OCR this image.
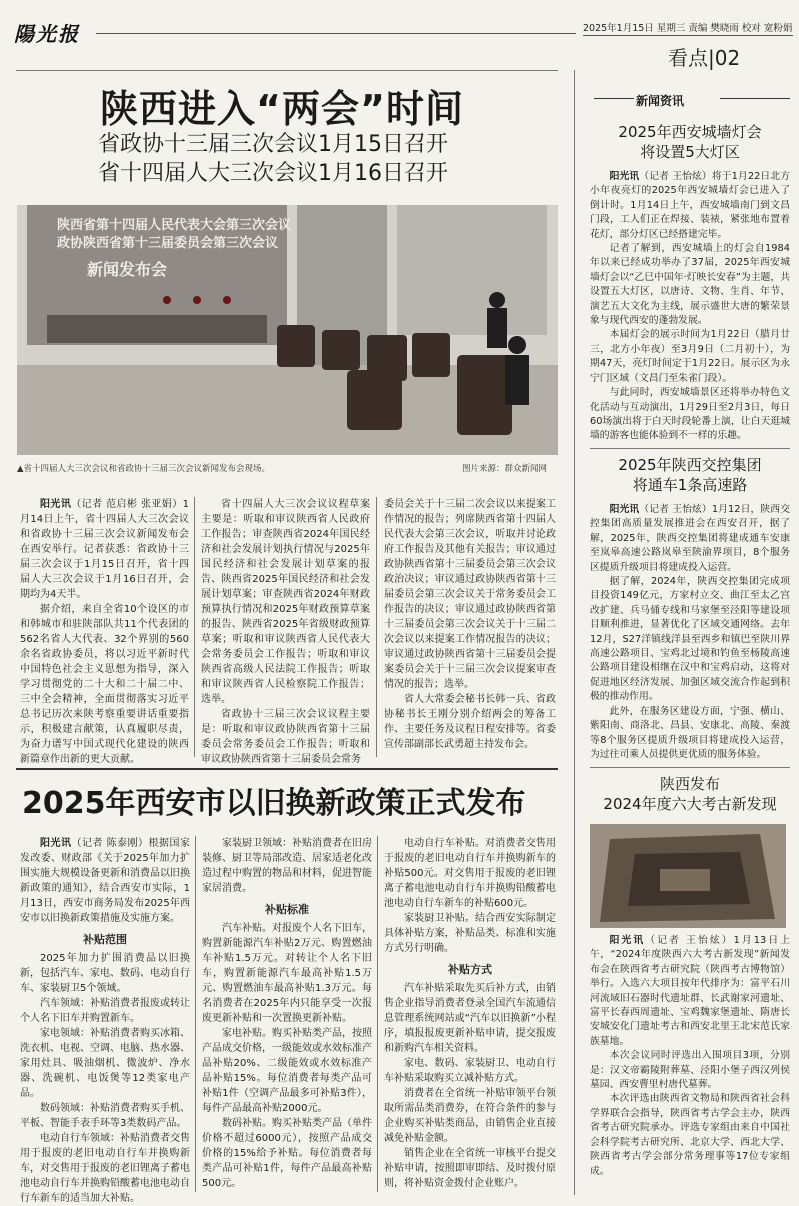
陽光报	2025年1月15日 星期三 责编 樊晓雨 校对 宽粉娟
看点|02
陕西进入“两会”时间
省政协十三届三次会议1月15日召开
省十四届人大三次会议1月16日召开
陕西省第十四届人民代表大会第三次会议
政协陕西省第十三届委员会第三次会议
新闻发布会
▲省十四届人大三次会议和省政协十三届三次会议新闻发布会现场。	图片来源：群众新闻网

阳光讯（记者 范启彬 张亚娟）1月14日上午，省十四届人大三次会议和省政协十三届三次会议新闻发布会在西安举行。记者获悉：省政协十三届三次会议于1月15日召开，省十四届人大三次会议于1月16日召开，会期均为4天半。

据介绍，来自全省10个设区的市和韩城市和驻陕部队共11个代表团的562名省人大代表、32个界别的560余名省政协委员，将以习近平新时代中国特色社会主义思想为指导，深入学习贯彻党的二十大和二十届二中、三中全会精神，全面贯彻落实习近平总书记历次来陕考察重要讲话重要指示，积极建言献策，认真履职尽责，为奋力谱写中国式现代化建设的陕西新篇章作出新的更大贡献。

省十四届人大三次会议议程草案主要是：听取和审议陕西省人民政府工作报告；审查陕西省2024年国民经济和社会发展计划执行情况与2025年国民经济和社会发展计划草案的报告、陕西省2025年国民经济和社会发展计划草案；审查陕西省2024年财政预算执行情况和2025年财政预算草案的报告、陕西省2025年省级财政预算草案；听取和审议陕西省人民代表大会常务委员会工作报告；听取和审议陕西省高级人民法院工作报告；听取和审议陕西省人民检察院工作报告；选举。

省政协十三届三次会议议程主要是：听取和审议政协陕西省第十三届委员会常务委员会工作报告；听取和审议政协陕西省第十三届委员会常务

委员会关于十三届二次会议以来提案工作情况的报告；列席陕西省第十四届人民代表大会第三次会议，听取并讨论政府工作报告及其他有关报告；审议通过政协陕西省第十三届委员会第三次会议政治决议；审议通过政协陕西省第十三届委员会第三次会议关于常务委员会工作报告的决议；审议通过政协陕西省第十三届委员会第三次会议关于十三届二次会议以来提案工作情况报告的决议；审议通过政协陕西省第十三届委员会提案委员会关于十三届三次会议提案审查情况的报告；选举。

省人大常委会秘书长韩一兵、省政协秘书长王刚分别介绍两会的筹备工作、主要任务及议程日程安排等。省委宣传部副部长武勇超主持发布会。

2025年西安市以旧换新政策正式发布

阳光讯（记者 陈泰刚）根据国家发改委、财政部《关于2025年加力扩围实施大规模设备更新和消费品以旧换新政策的通知》，结合西安市实际，1月13日，西安市商务局发布2025年西安市以旧换新政策措施及实施方案。

补贴范围

2025年加力扩围消费品以旧换新，包括汽车、家电、数码、电动自行车、家装厨卫5个领域。

汽车领域：补贴消费者报废或转让个人名下旧车并购置新车。

家电领域：补贴消费者购买冰箱、洗衣机、电视、空调、电脑、热水器、家用灶具、吸油烟机、微波炉、净水器、洗碗机、电饭煲等12类家电产品。

数码领域：补贴消费者购买手机、平板、智能手表手环等3类数码产品。

电动自行车领域：补贴消费者交售用于报废的老旧电动自行车并换购新车，对交售用于报废的老旧锂离子蓄电池电动自行车并换购铅酸蓄电池电动自行车新车的适当加大补贴。

家装厨卫领域：补贴消费者在旧房装修、厨卫等局部改造、居家适老化改造过程中购置的物品和材料，促进智能家居消费。

补贴标准

汽车补贴。对报废个人名下旧车，购置新能源汽车补贴2万元、购置燃油车补贴1.5万元。对转让个人名下旧车，购置新能源汽车最高补贴1.5万元、购置燃油车最高补贴1.3万元。每名消费者在2025年内只能享受一次报废更新补贴和一次置换更新补贴。

家电补贴。购买补贴类产品，按照产品成交价格，一级能效或水效标准产品补贴20%、二级能效或水效标准产品补贴15%。每位消费者每类产品可补贴1件（空调产品最多可补贴3件），每件产品最高补贴2000元。

数码补贴。购买补贴类产品（单件价格不超过6000元），按照产品成交价格的15%给予补贴。每位消费者每类产品可补贴1件，每件产品最高补贴500元。

电动自行车补贴。对消费者交售用于报废的老旧电动自行车并换购新车的补贴500元。对交售用于报废的老旧锂离子蓄电池电动自行车并换购铅酸蓄电池电动自行车新车的补贴600元。

家装厨卫补贴。结合西安实际制定具体补贴方案，补贴品类、标准和实施方式另行明确。

补贴方式

汽车补贴采取先买后补方式，由销售企业指导消费者登录全国汽车流通信息管理系统网站或“汽车以旧换新”小程序，填报报废更新补贴申请，提交报废和新购汽车相关资料。

家电、数码、家装厨卫、电动自行车补贴采取购买立减补贴方式。

消费者在全省统一补贴审领平台领取所需品类消费券，在符合条件的参与企业购买补贴类商品，由销售企业直接减免补贴金额。

销售企业在全省统一审核平台提交补贴申请，按照即审即结、及时拨付原则，将补贴资金拨付企业账户。

新闻资讯
2025年西安城墙灯会
将设置5大灯区

阳光讯（记者 王怡炫）将于1月22日北方小年夜亮灯的2025年西安城墙灯会已进入了倒计时。1月14日上午，西安城墙南门到文昌门段，工人们正在焊接、装裱，紧张地布置着花灯，部分灯区已经搭建完毕。

记者了解到，西安城墙上的灯会自1984年以来已经成功举办了37届，2025年西安城墙灯会以“乙巳中国年·灯映长安春”为主题，共设置五大灯区，以唐诗、文物、生肖、年节、演艺五大文化为主线，展示盛世大唐的繁荣景象与现代西安的蓬勃发展。

本届灯会的展示时间为1月22日（腊月廿三，北方小年夜）至3月9日（二月初十），为期47天，亮灯时间定于1月22日。展示区为永宁门区域（文昌门至朱雀门段）。

与此同时，西安城墙景区还将举办特色文化活动与互动演出，1月29日至2月3日，每日60场演出将于白天时段轮番上演，让白天逛城墙的游客也能体验到不一样的乐趣。

2025年陕西交控集团
将通车1条高速路

阳光讯（记者 王怡炫）1月12日，陕西交控集团高质量发展推进会在西安召开，据了解，2025年，陕西交控集团将建成通车安康至岚皋高速公路岚皋至陕渝界项目，8个服务区提质升级项目将建成投入运营。

据了解，2024年，陕西交控集团完成项目投资149亿元，方家村立交、曲江至太乙宫改扩建、兵马俑专线和马家堡至泾阳等建设项目顺利推进，显著优化了区域交通网络。去年12月，S27洋镇线洋县至西乡和镇巴至陕川界高速公路项目、宝鸡北过境和钓鱼至杨陵高速公路项目建设相继在汉中和宝鸡启动，这将对促进地区经济发展、加强区域交流合作起到积极的推动作用。

此外，在服务区建设方面，宁强、横山、紫阳南、商洛北、昌县、安康北、高陵、秦渡等8个服务区提质升级项目将建成投入运营，为过往司乘人员提供更优质的服务体验。

陕西发布
2024年度六大考古新发现

阳光讯（记者 王怡炫）1月13日上午，“2024年度陕西六大考古新发现”新闻发布会在陕西省考古研究院（陕西考古博物馆）举行。入选六大项目按年代排序为：富平石川河流域旧石器时代遗址群、长武谢家河遗址、富平长春西周遗址、宝鸡魏家堡遗址、隋唐长安城安化门遗址考古和西安北里王北宋范氏家族墓地。

本次会议同时评选出入围项目3项，分别是：汉文帝霸陵附葬墓、泾阳小堡子西汉列侯墓园、西安曹里村唐代墓葬。

本次评选由陕西省文物局和陕西省社会科学界联合会指导，陕西省考古学会主办，陕西省考古研究院承办。评选专家组由来自中国社会科学院考古研究所、北京大学、西北大学、陕西省考古学会部分常务理事等17位专家组成。
